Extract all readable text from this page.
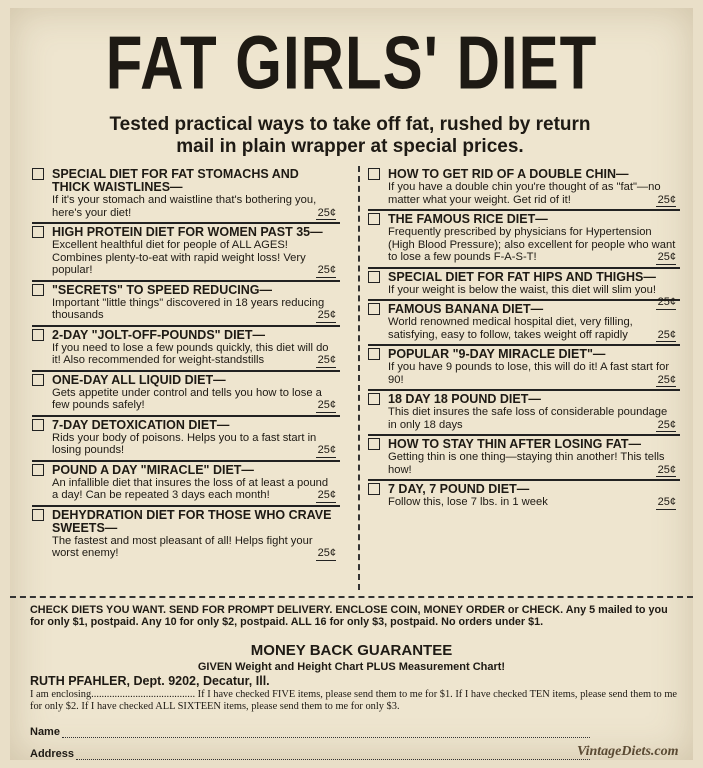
FAT GIRLS' DIET
Tested practical ways to take off fat, rushed by return mail in plain wrapper at special prices.
SPECIAL DIET FOR FAT STOMACHS AND THICK WAISTLINES—
If it's your stomach and waistline that's bothering you, here's your diet!	25¢
HIGH PROTEIN DIET FOR WOMEN PAST 35—
Excellent healthful diet for people of ALL AGES! Combines plenty-to-eat with rapid weight loss! Very popular!	25¢
"SECRETS" TO SPEED REDUCING—
Important "little things" discovered in 18 years reducing thousands	25¢
2-DAY "JOLT-OFF-POUNDS" DIET—
If you need to lose a few pounds quickly, this diet will do it! Also recommended for weight-standstills	25¢
ONE-DAY ALL LIQUID DIET—
Gets appetite under control and tells you how to lose a few pounds safely!	25¢
7-DAY DETOXICATION DIET—
Rids your body of poisons. Helps you to a fast start in losing pounds!	25¢
POUND A DAY "MIRACLE" DIET—
An infallible diet that insures the loss of at least a pound a day! Can be repeated 3 days each month!	25¢
DEHYDRATION DIET FOR THOSE WHO CRAVE SWEETS—
The fastest and most pleasant of all! Helps fight your worst enemy!	25¢
HOW TO GET RID OF A DOUBLE CHIN—
If you have a double chin you're thought of as "fat"—no matter what your weight. Get rid of it!	25¢
THE FAMOUS RICE DIET—
Frequently prescribed by physicians for Hypertension (High Blood Pressure); also excellent for people who want to lose a few pounds F-A-S-T!	25¢
SPECIAL DIET FOR FAT HIPS AND THIGHS—
If your weight is below the waist, this diet will slim you!
25¢
FAMOUS BANANA DIET—
World renowned medical hospital diet, very filling, satisfying, easy to follow, takes weight off rapidly	25¢
POPULAR "9-DAY MIRACLE DIET"—
If you have 9 pounds to lose, this will do it! A fast start for 90!	25¢
18 DAY 18 POUND DIET—
This diet insures the safe loss of considerable poundage in only 18 days	25¢
HOW TO STAY THIN AFTER LOSING FAT—
Getting thin is one thing—staying thin another! This tells how!	25¢
7 DAY, 7 POUND DIET—
Follow this, lose 7 lbs. in 1 week	25¢
CHECK DIETS YOU WANT. SEND FOR PROMPT DELIVERY. ENCLOSE COIN, MONEY ORDER or CHECK. Any 5 mailed to you for only $1, postpaid. Any 10 for only $2, postpaid. ALL 16 for only $3, postpaid. No orders under $1.
MONEY BACK GUARANTEE
GIVEN Weight and Height Chart PLUS Measurement Chart!
RUTH PFAHLER, Dept. 9202, Decatur, Ill.
I am enclosing........................................ If I have checked FIVE items, please send them to me for $1. If I have checked TEN items, please send them to me for only $2. If I have checked ALL SIXTEEN items, please send them to me for only $3.
Name
Address	VintageDiets.com
